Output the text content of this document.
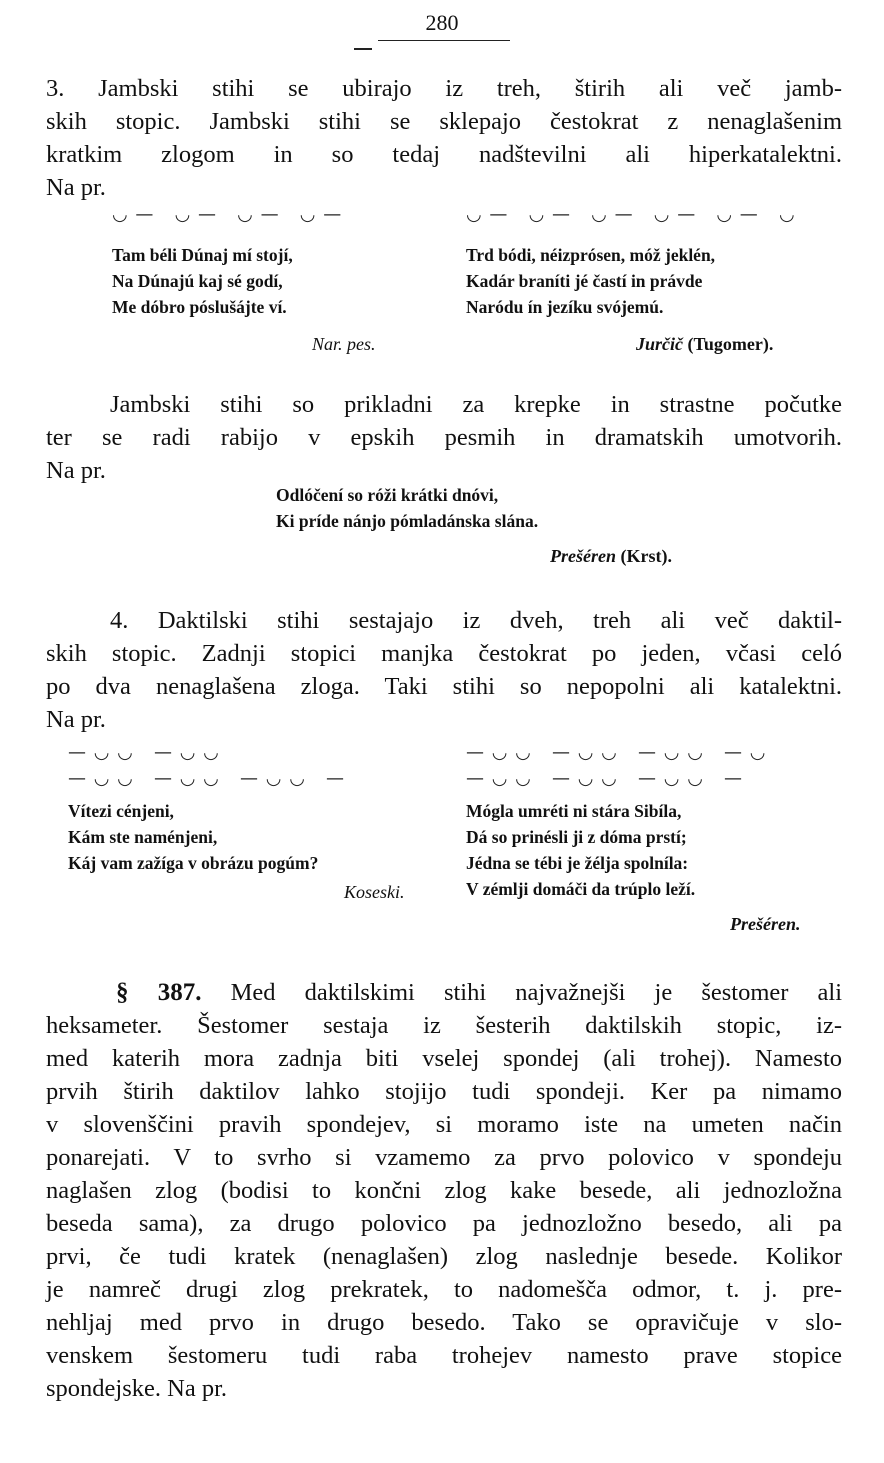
280
3. Jambski stihi se ubirajo iz treh, štirih ali več jamb-
skih stopic. Jambski stihi se sklepajo čestokrat z nenaglašenim
kratkim zlogom in so tedaj nadštevilni ali hiperkatalektni.
Na pr.
◡ —   ◡ —   ◡ —   ◡ —	◡ —   ◡ —   ◡ —   ◡ —   ◡ —   ◡
Tam béli Dúnaj mí stojí,
Na Dúnajú kaj sé godí,
Me dóbro póslušájte ví.
Nar. pes.
Trd bódi, néizprósen, móž jeklén,
Kadár braníti jé častí in právde
Naródu ín jezíku svójemú.
Jurčič (Tugomer).
Jambski stihi so prikladni za krepke in strastne počutke
ter se radi rabijo v epskih pesmih in dramatskih umotvorih.
Na pr.
Odlóčení so róži krátki dnóvi,
Ki príde nánjo pómladánska slána.
Prešéren (Krst).
4. Daktilski stihi sestajajo iz dveh, treh ali več daktil-
skih stopic. Zadnji stopici manjka čestokrat po jeden, včasi celó
po dva nenaglašena zloga. Taki stihi so nepopolni ali katalektni.
Na pr.
— ◡ ◡   — ◡ ◡
— ◡ ◡   — ◡ ◡   — ◡ ◡   —
— ◡ ◡   — ◡ ◡   — ◡ ◡   — ◡
— ◡ ◡   — ◡ ◡   — ◡ ◡   —
Vítezi cénjeni,
Kám ste naménjeni,
Káj vam zažíga v obrázu pogúm?
Koseski.
Mógla umréti ni stára Sibíla,
Dá so prinésli ji z dóma prstí;
Jédna se tébi je žélja spolníla:
V zémlji domáči da trúplo leží.
Prešéren.
§ 387. Med daktilskimi stihi najvažnejši je šestomer ali
heksameter. Šestomer sestaja iz šesterih daktilskih stopic, iz-
med katerih mora zadnja biti vselej spondej (ali trohej). Namesto
prvih štirih daktilov lahko stojijo tudi spondeji. Ker pa nimamo
v slovenščini pravih spondejev, si moramo iste na umeten način
ponarejati. V to svrho si vzamemo za prvo polovico v spondeju
naglašen zlog (bodisi to končni zlog kake besede, ali jednozložna
beseda sama), za drugo polovico pa jednozložno besedo, ali pa
prvi, če tudi kratek (nenaglašen) zlog naslednje besede. Kolikor
je namreč drugi zlog prekratek, to nadomešča odmor, t. j. pre-
nehljaj med prvo in drugo besedo. Tako se opravičuje v slo-
venskem šestomeru tudi raba trohejev namesto prave stopice
spondejske. Na pr.
